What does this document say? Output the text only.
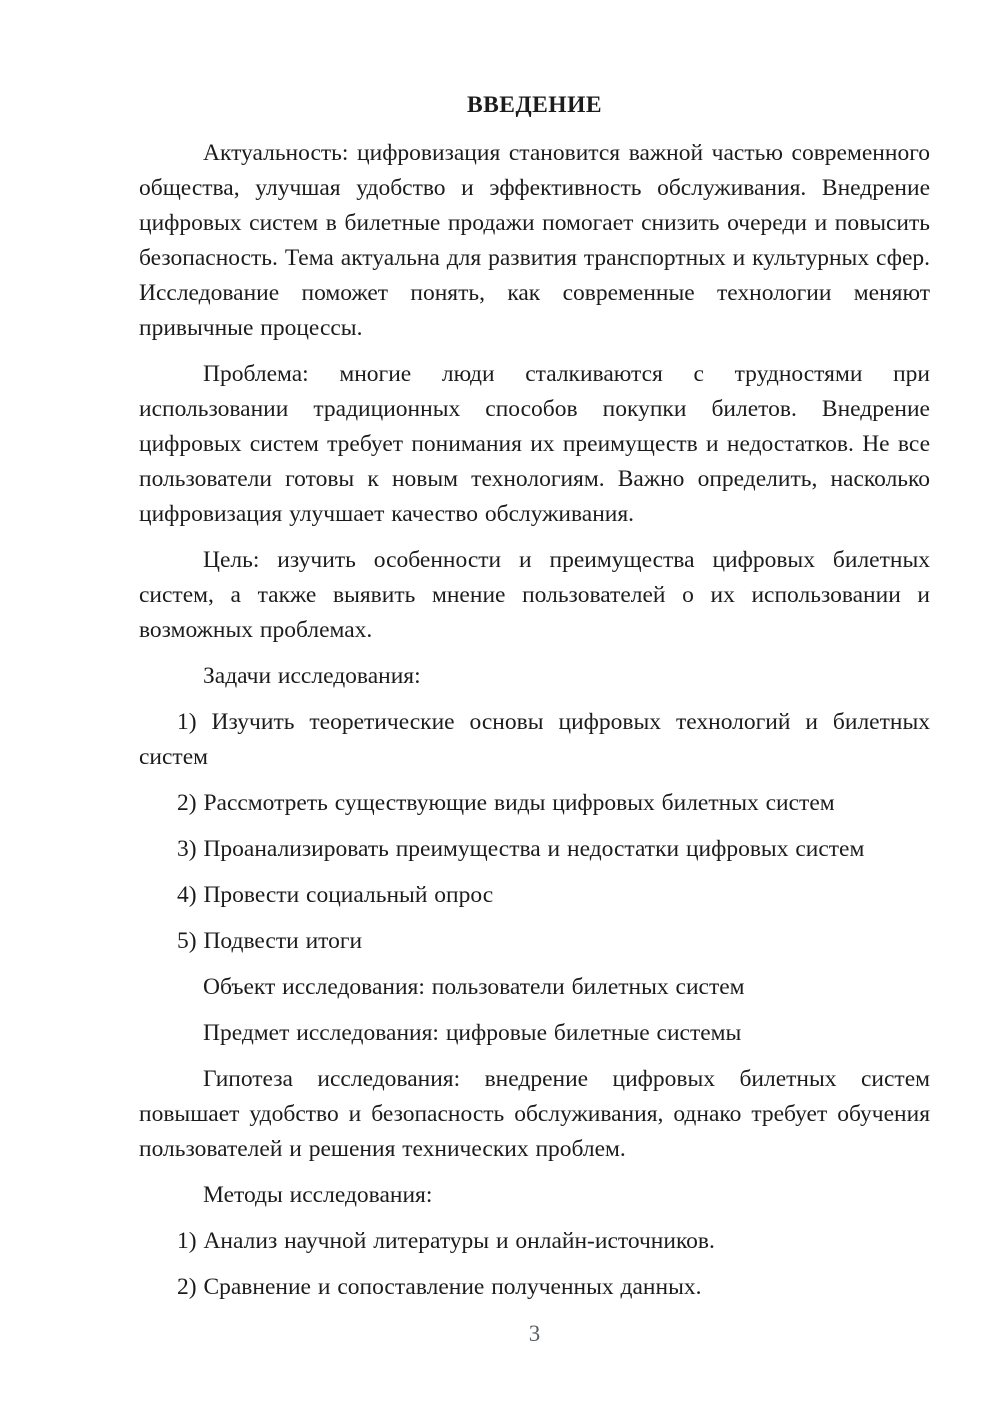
ВВЕДЕНИЕ

Актуальность: цифровизация становится важной частью современного общества, улучшая удобство и эффективность обслуживания. Внедрение цифровых систем в билетные продажи помогает снизить очереди и повысить безопасность. Тема актуальна для развития транспортных и культурных сфер. Исследование поможет понять, как современные технологии меняют привычные процессы.

Проблема: многие люди сталкиваются с трудностями при использовании традиционных способов покупки билетов. Внедрение цифровых систем требует понимания их преимуществ и недостатков. Не все пользователи готовы к новым технологиям. Важно определить, насколько цифровизация улучшает качество обслуживания.

Цель: изучить особенности и преимущества цифровых билетных систем, а также выявить мнение пользователей о их использовании и возможных проблемах.

Задачи исследования:

1) Изучить теоретические основы цифровых технологий и билетных систем

2) Рассмотреть существующие виды цифровых билетных систем

3) Проанализировать преимущества и недостатки цифровых систем

4) Провести социальный опрос

5) Подвести итоги

Объект исследования: пользователи билетных систем

Предмет исследования: цифровые билетные системы

Гипотеза исследования: внедрение цифровых билетных систем повышает удобство и безопасность обслуживания, однако требует обучения пользователей и решения технических проблем.

Методы исследования:

1) Анализ научной литературы и онлайн-источников.

2) Сравнение и сопоставление полученных данных.

3
